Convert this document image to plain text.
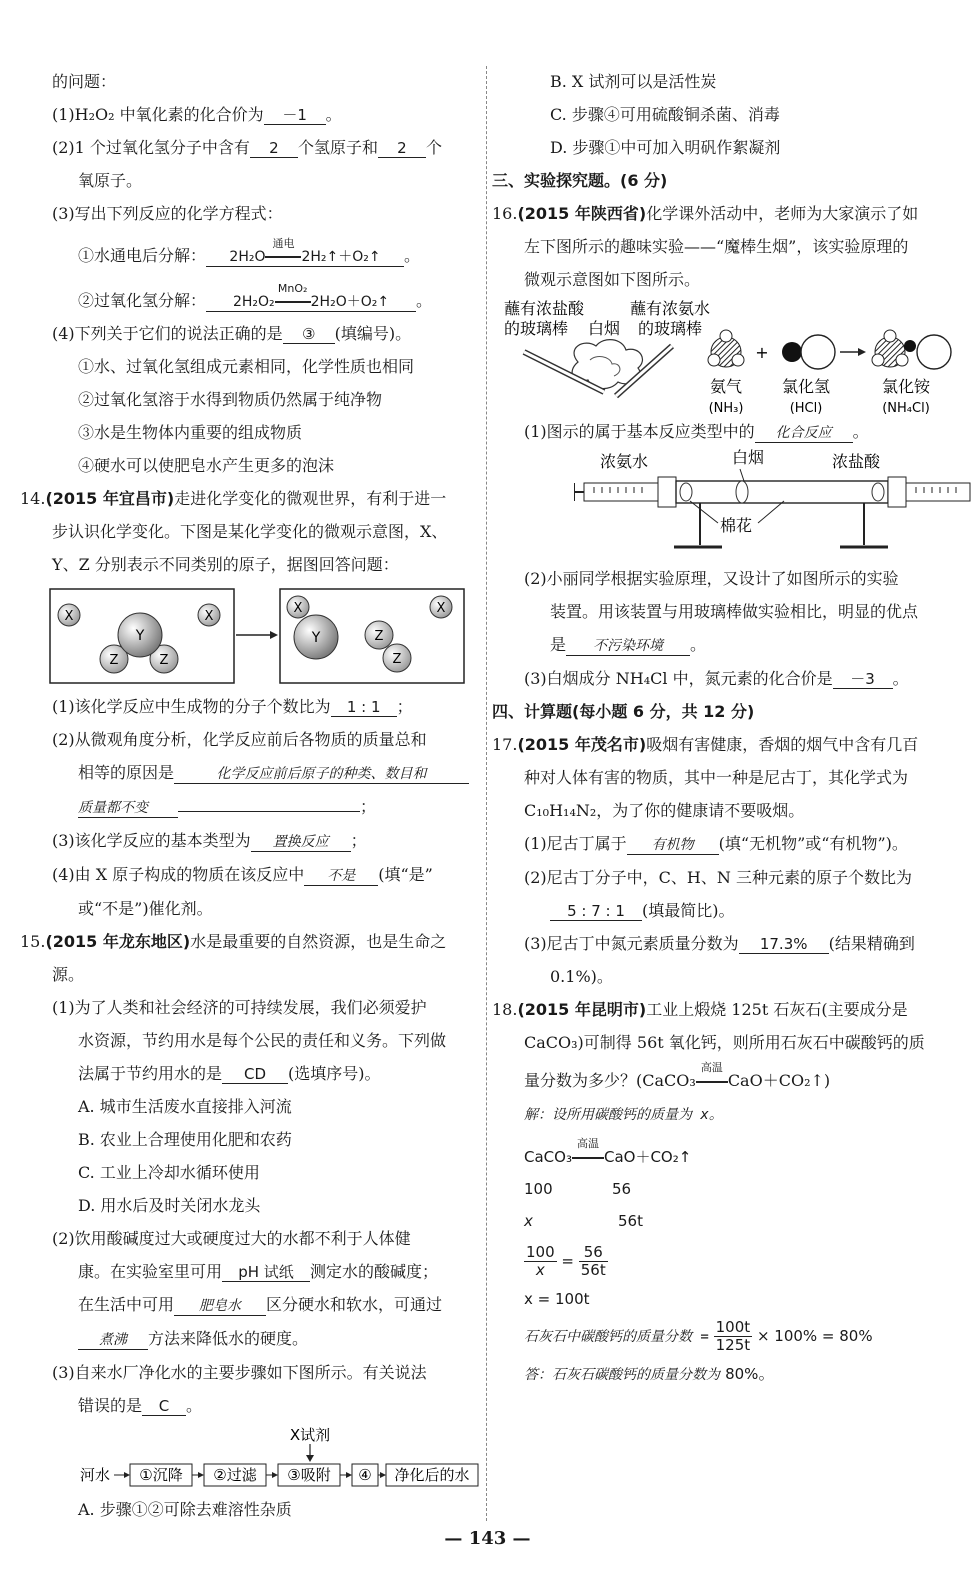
的问题：
(1)H₂O₂ 中氧化素的化合价为 －1 。
(2)1 个过氧化氢分子中含有 2 个氢原子和 2 个
氧原子。
(3)写出下列反应的化学方程式：
①水通电后分解： 2H₂O
通电
2H₂↑＋O₂↑ 。
②过氧化氢分解： 2H₂O₂
MnO₂
2H₂O＋O₂↑ 。
(4)下列关于它们的说法正确的是 ③ (填编号)。
①水、过氧化氢组成元素相同，化学性质也相同
②过氧化氢溶于水得到物质仍然属于纯净物
③水是生物体内重要的组成物质
④硬水可以使肥皂水产生更多的泡沫
14.(2015 年宜昌市)走进化学变化的微观世界，有利于进一
步认识化学变化。下图是某化学变化的微观示意图，X、
Y、Z 分别表示不同类别的原子，据图回答问题：
X	X
Z	Z
Y	Y
X	X
Z
Z
(1)该化学反应中生成物的分子个数比为 1 : 1 ；
(2)从微观角度分析，化学反应前后各物质的质量总和
相等的原因是	化学反应前后原子的种类、数目和
质量都不变	；
(3)该化学反应的基本类型为 置换反应 ；
(4)由 X 原子构成的物质在该反应中 不是 (填“是”
或“不是”)催化剂。
15.(2015 年龙东地区)水是最重要的自然资源，也是生命之
源。
(1)为了人类和社会经济的可持续发展，我们必须爱护
水资源，节约用水是每个公民的责任和义务。下列做
法属于节约用水的是 CD (选填序号)。
A. 城市生活废水直接排入河流
B. 农业上合理使用化肥和农药
C. 工业上冷却水循环使用
D. 用水后及时关闭水龙头
(2)饮用酸碱度过大或硬度过大的水都不利于人体健
康。在实验室里可用 pH 试纸 测定水的酸碱度；
在生活中可用 肥皂水 区分硬水和软水，可通过
煮沸 方法来降低水的硬度。
(3)自来水厂净化水的主要步骤如下图所示。有关说法
错误的是 C 。
X试剂
河水 ①沉降 ②过滤 ③吸附 ④ 净化后的水
A. 步骤①②可除去难溶性杂质
B. X 试剂可以是活性炭
C. 步骤④可用硫酸铜杀菌、消毒
D. 步骤①中可加入明矾作絮凝剂
三、实验探究题。(6 分)
16.(2015 年陕西省)化学课外活动中，老师为大家演示了如
左下图所示的趣味实验——“魔棒生烟”，该实验原理的
微观示意图如下图所示。
蘸有浓盐酸
的玻璃棒
蘸有浓氨水
的玻璃棒
白烟
+
氨气
(NH₃)
氯化氢
(HCl)
氯化铵
(NH₄Cl)
(1)图示的属于基本反应类型中的 化合反应 。
浓氨水	白烟	浓盐酸
棉花
(2)小丽同学根据实验原理，又设计了如图所示的实验
装置。用该装置与用玻璃棒做实验相比，明显的优点
是 不污染环境 。
(3)白烟成分 NH₄Cl 中，氮元素的化合价是 －3 。
四、计算题(每小题 6 分，共 12 分)
17.(2015 年茂名市)吸烟有害健康，香烟的烟气中含有几百
种对人体有害的物质，其中一种是尼古丁，其化学式为
C₁₀H₁₄N₂，为了你的健康请不要吸烟。
(1)尼古丁属于 有机物 (填“无机物”或“有机物”)。
(2)尼古丁分子中，C、H、N 三种元素的原子个数比为
5 : 7 : 1 (填最简比)。
(3)尼古丁中氮元素质量分数为 17.3% (结果精确到
0.1%)。
18.(2015 年昆明市)工业上煅烧 125t 石灰石(主要成分是
CaCO₃)可制得 56t 氧化钙，则所用石灰石中碳酸钙的质
量分数为多少？(CaCO₃
高温
CaO＋CO₂↑)
解：设所用碳酸钙的质量为 x。
CaCO₃
高温
CaO＋CO₂↑
100	56
x	56t
$\frac{100}{x} = \frac{56}{56t}$
x = 100t
石灰石中碳酸钙的质量分数 = $\frac{100t}{125t} \times 100\% = 80\%$
答：石灰石碳酸钙的质量分数为 80%。
— 143 —
